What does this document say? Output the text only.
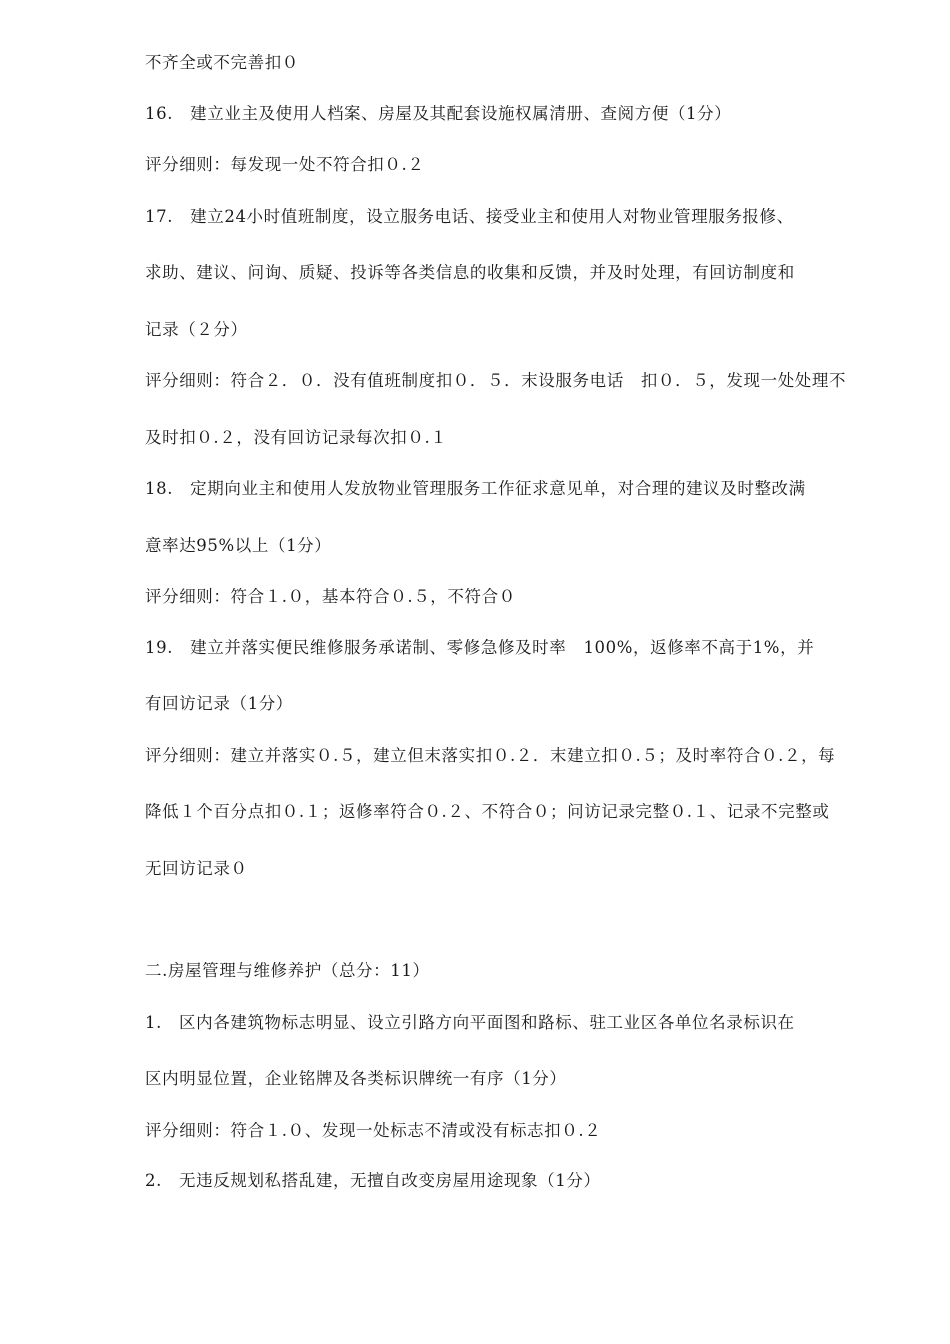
不齐全或不完善扣０
16.　建立业主及使用人档案、房屋及其配套设施权属清册、查阅方便（1分）
评分细则：每发现一处不符合扣０.２
17.　建立24小时值班制度，设立服务电话、接受业主和使用人对物业管理服务报修、
求助、建议、问询、质疑、投诉等各类信息的收集和反馈，并及时处理，有回访制度和
记录（２分）
评分细则：符合２．０．没有值班制度扣０．５．末设服务电话　扣０．５，发现一处处理不
及时扣０.２，没有回访记录每次扣０.１
18.　定期向业主和使用人发放物业管理服务工作征求意见单，对合理的建议及时整改满
意率达95%以上（1分）
评分细则：符合１.０，基本符合０.５，不符合０
19.　建立并落实便民维修服务承诺制、零修急修及时率　100%，返修率不高于1%，并
有回访记录（1分）
评分细则：建立并落实０.５，建立但末落实扣０.２．末建立扣０.５；及时率符合０.２，每
降低１个百分点扣０.１；返修率符合０.２、不符合０；问访记录完整０.１、记录不完整或
无回访记录０
二.房屋管理与维修养护（总分：11）
1.　区内各建筑物标志明显、设立引路方向平面图和路标、驻工业区各单位名录标识在
区内明显位置，企业铭牌及各类标识牌统一有序（1分）
评分细则：符合１.０、发现一处标志不清或没有标志扣０.２
2.　无违反规划私搭乱建，无擅自改变房屋用途现象（1分）
